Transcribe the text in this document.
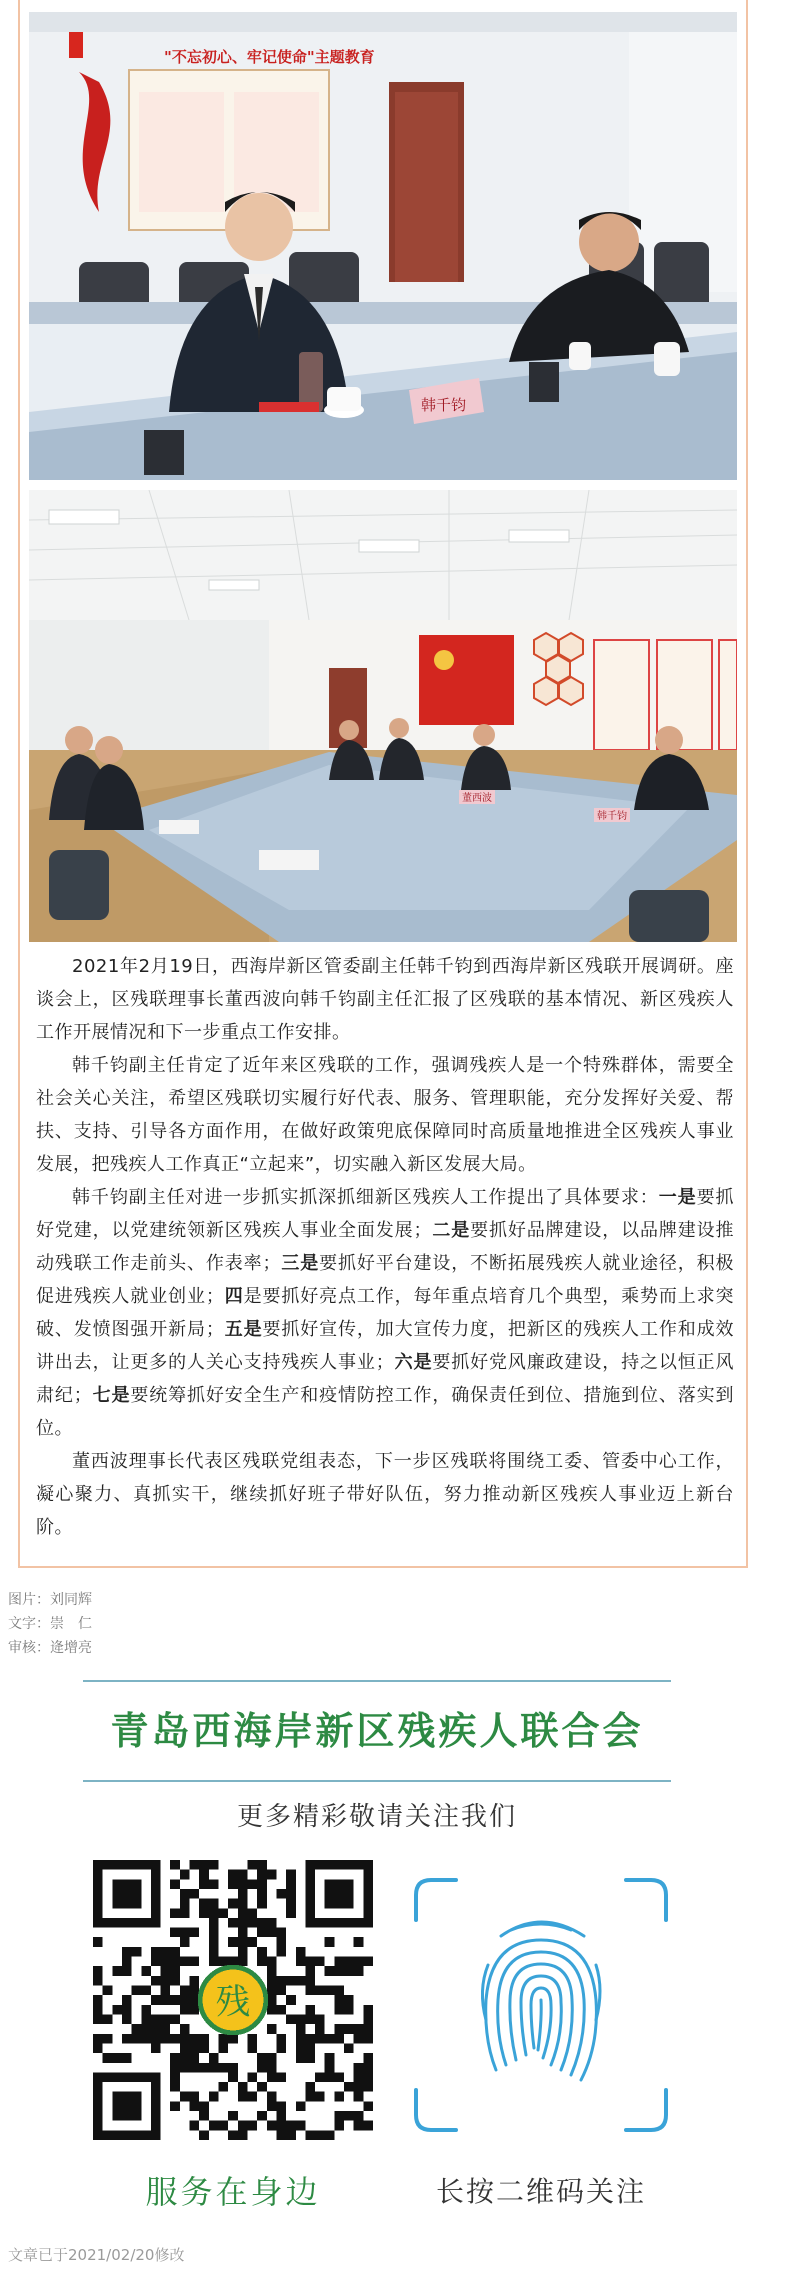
"不忘初心、牢记使命"主题教育
韩千钧
董西波
韩千钧

2021年2月19日，西海岸新区管委副主任韩千钧到西海岸新区残联开展调研。座谈会上，区残联理事长董西波向韩千钧副主任汇报了区残联的基本情况、新区残疾人工作开展情况和下一步重点工作安排。

韩千钧副主任肯定了近年来区残联的工作，强调残疾人是一个特殊群体，需要全社会关心关注，希望区残联切实履行好代表、服务、管理职能，充分发挥好关爱、帮扶、支持、引导各方面作用，在做好政策兜底保障同时高质量地推进全区残疾人事业发展，把残疾人工作真正“立起来”，切实融入新区发展大局。

韩千钧副主任对进一步抓实抓深抓细新区残疾人工作提出了具体要求：一是要抓好党建，以党建统领新区残疾人事业全面发展；二是要抓好品牌建设，以品牌建设推动残联工作走前头、作表率；三是要抓好平台建设，不断拓展残疾人就业途径，积极促进残疾人就业创业；四是要抓好亮点工作，每年重点培育几个典型，乘势而上求突破、发愤图强开新局；五是要抓好宣传，加大宣传力度，把新区的残疾人工作和成效讲出去，让更多的人关心支持残疾人事业；六是要抓好党风廉政建设，持之以恒正风肃纪；七是要统筹抓好安全生产和疫情防控工作，确保责任到位、措施到位、落实到位。

董西波理事长代表区残联党组表态，下一步区残联将围绕工委、管委中心工作，凝心聚力、真抓实干，继续抓好班子带好队伍，努力推动新区残疾人事业迈上新台阶。

图片：刘同辉
文字：崇　仁
审核：逄增亮
青岛西海岸新区残疾人联合会
更多精彩敬请关注我们
残
服务在身边	长按二维码关注
文章已于2021/02/20修改
